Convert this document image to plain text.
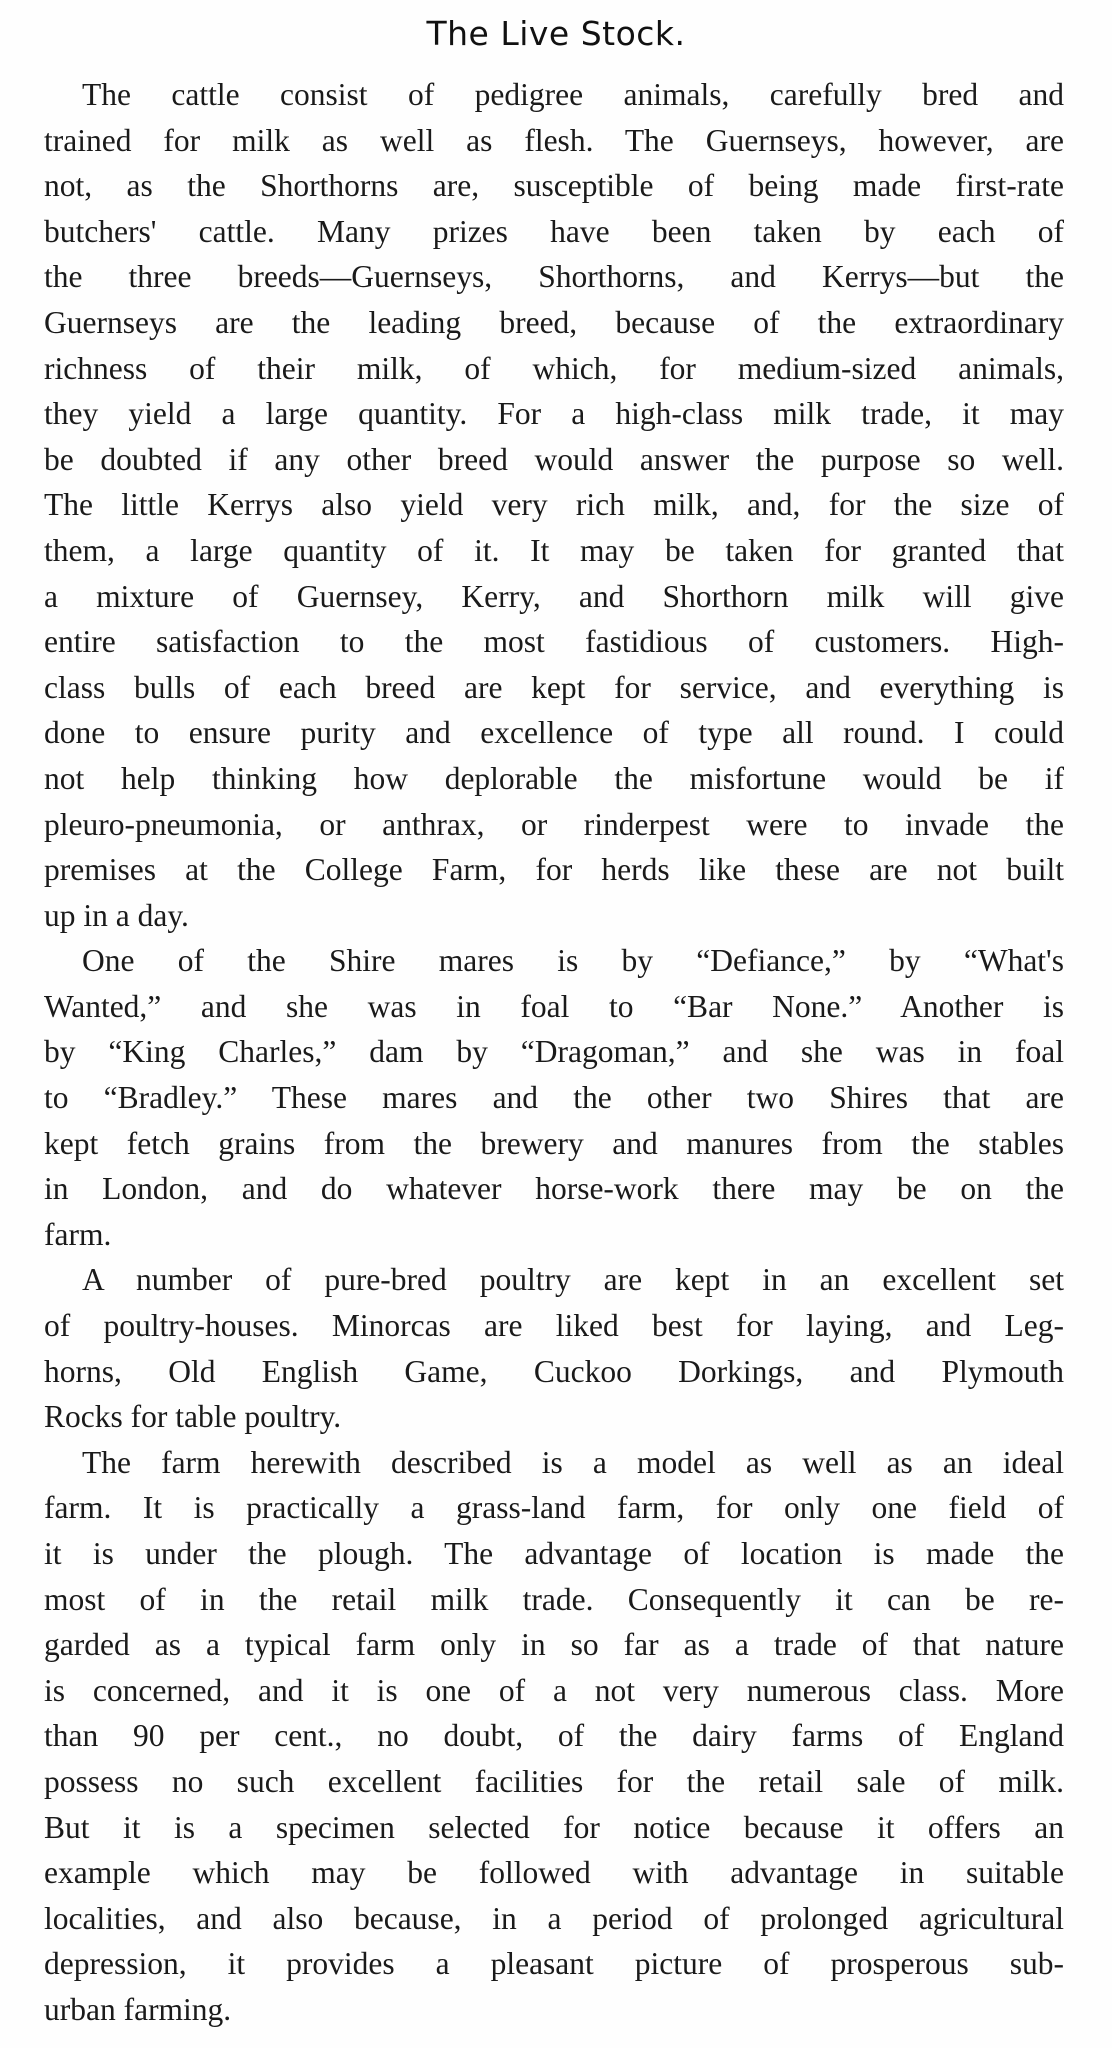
The Live Stock.
The cattle consist of pedigree animals, carefully bred and
trained for milk as well as flesh. The Guernseys, however, are
not, as the Shorthorns are, susceptible of being made first-rate
butchers' cattle. Many prizes have been taken by each of
the three breeds—Guernseys, Shorthorns, and Kerrys—but the
Guernseys are the leading breed, because of the extraordinary
richness of their milk, of which, for medium-sized animals,
they yield a large quantity. For a high-class milk trade, it may
be doubted if any other breed would answer the purpose so well.
The little Kerrys also yield very rich milk, and, for the size of
them, a large quantity of it. It may be taken for granted that
a mixture of Guernsey, Kerry, and Shorthorn milk will give
entire satisfaction to the most fastidious of customers. High-
class bulls of each breed are kept for service, and everything is
done to ensure purity and excellence of type all round. I could
not help thinking how deplorable the misfortune would be if
pleuro-pneumonia, or anthrax, or rinderpest were to invade the
premises at the College Farm, for herds like these are not built
up in a day.
One of the Shire mares is by “Defiance,” by “What's
Wanted,” and she was in foal to “Bar None.” Another is
by “King Charles,” dam by “Dragoman,” and she was in foal
to “Bradley.” These mares and the other two Shires that are
kept fetch grains from the brewery and manures from the stables
in London, and do whatever horse-work there may be on the
farm.
A number of pure-bred poultry are kept in an excellent set
of poultry-houses. Minorcas are liked best for laying, and Leg-
horns, Old English Game, Cuckoo Dorkings, and Plymouth
Rocks for table poultry.
The farm herewith described is a model as well as an ideal
farm. It is practically a grass-land farm, for only one field of
it is under the plough. The advantage of location is made the
most of in the retail milk trade. Consequently it can be re-
garded as a typical farm only in so far as a trade of that nature
is concerned, and it is one of a not very numerous class. More
than 90 per cent., no doubt, of the dairy farms of England
possess no such excellent facilities for the retail sale of milk.
But it is a specimen selected for notice because it offers an
example which may be followed with advantage in suitable
localities, and also because, in a period of prolonged agricultural
depression, it provides a pleasant picture of prosperous sub-
urban farming.
